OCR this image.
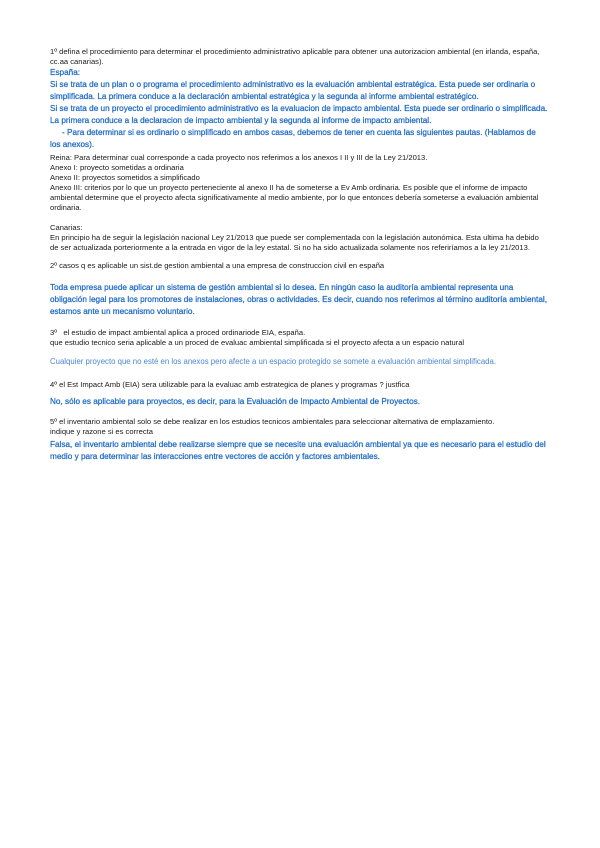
1º defina el procedimiento para determinar el procedimiento administrativo aplicable para obtener una autorizacion ambiental (en irlanda, españa, cc.aa canarias).

España:

Si se trata de un plan o o programa el procedimiento administrativo es la evaluación ambiental estratégica. Esta puede ser ordinaria o simplificada. La primera conduce a la declaración ambiental estratégica y la segunda al informe ambiental estratégico.

Si se trata de un proyecto el procedimiento administrativo es la evaluacion de impacto ambiental. Esta puede ser ordinario o simplificada. La primera conduce a la declaracion de impacto ambiental y la segunda al informe de impacto ambiental.

- Para determinar si es ordinario o simplificado en ambos casas, debemos de tener en cuenta las siguientes pautas. (Hablamos de los anexos).

Reina: Para determinar cual corresponde a cada proyecto nos referimos a los anexos I II y III de la Ley 21/2013.

Anexo I: proyecto sometidas a ordinaria

Anexo II: proyectos sometidos a simplificado

Anexo III: criterios por lo que un proyecto perteneciente al anexo II ha de someterse a Ev Amb ordinaria. Es posible que el informe de impacto ambiental determine que el proyecto afecta significativamente al medio ambiente, por lo que entonces debería someterse a evaluación ambiental ordinaria.

Canarias:

En principio ha de seguir la legislación nacional Ley 21/2013 que puede ser complementada con la legislación autonómica. Esta ultima ha debido de ser actualizada porteriormente a la entrada en vigor de la ley estatal. Si no ha sido actualizada solamente nos referiríamos a la ley 21/2013.

2º casos q es aplicable un sist.de gestion ambiental a una empresa de construccion civil en españa

Toda empresa puede aplicar un sistema de gestión ambiental si lo desea. En ningún caso la auditoría ambiental representa una obligación legal para los promotores de instalaciones, obras o actividades. Es decir, cuando nos referimos al término auditoría ambiental, estamos ante un mecanismo voluntario.

3º   el estudio de impact ambiental aplica a proced ordinariode EIA, españa.

que estudio tecnico seria aplicable a un proced de evaluac ambiental simplificada si el proyecto afecta a un espacio natural

Cualquier proyecto que no esté en los anexos pero afecte a un espacio protegido se somete a evaluación ambiental simplificada.

4º el Est Impact Amb (EIA) sera utilizable para la evaluac amb estrategica de planes y programas ? justfica

No, sólo es aplicable para proyectos, es decir, para la Evaluación de Impacto Ambiental de Proyectos.

5º el inventario ambiental solo se debe realizar en los estudios tecnicos ambientales para seleccionar alternativa de emplazamiento.

indique y razone si es correcta

Falsa, el inventario ambiental debe realizarse siempre que se necesite una evaluación ambiental ya que es necesario para el estudio del medio y para determinar las interacciones entre vectores de acción y factores ambientales.
